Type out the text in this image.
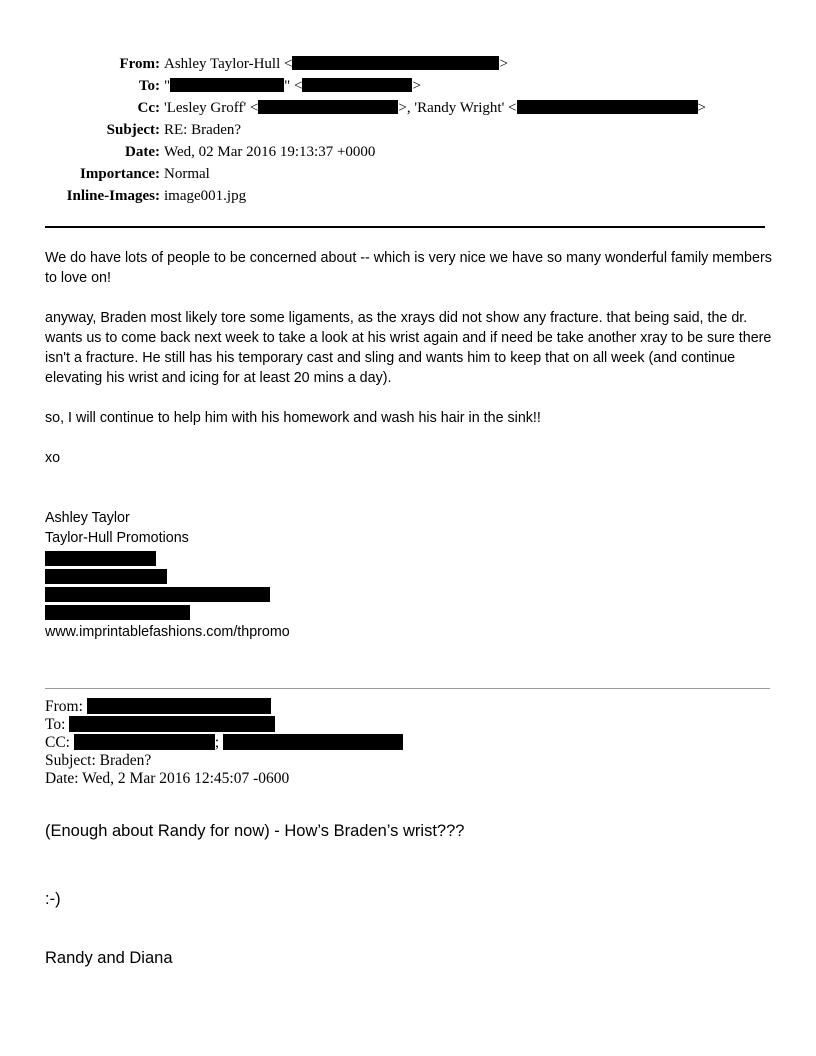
From: Ashley Taylor-Hull <	>
To: "	" <	>
Cc: 'Lesley Groff' <	>, 'Randy Wright' <	>
Subject: RE: Braden?
Date: Wed, 02 Mar 2016 19:13:37 +0000
Importance: Normal
Inline-Images: image001.jpg

We do have lots of people to be concerned about -- which is very nice we have so many wonderful family members to love on!

anyway, Braden most likely tore some ligaments, as the xrays did not show any fracture. that being said, the dr. wants us to come back next week to take a look at his wrist again and if need be take another xray to be sure there isn't a fracture. He still has his temporary cast and sling and wants him to keep that on all week (and continue elevating his wrist and icing for at least 20 mins a day).

so, I will continue to help him with his homework and wash his hair in the sink!!

xo

Ashley Taylor

Taylor-Hull Promotions

www.imprintablefashions.com/thpromo

From:
To:
CC:	;
Subject: Braden?
Date: Wed, 2 Mar 2016 12:45:07 -0600
(Enough about Randy for now) - How’s Braden’s wrist???
:-)
Randy and Diana
